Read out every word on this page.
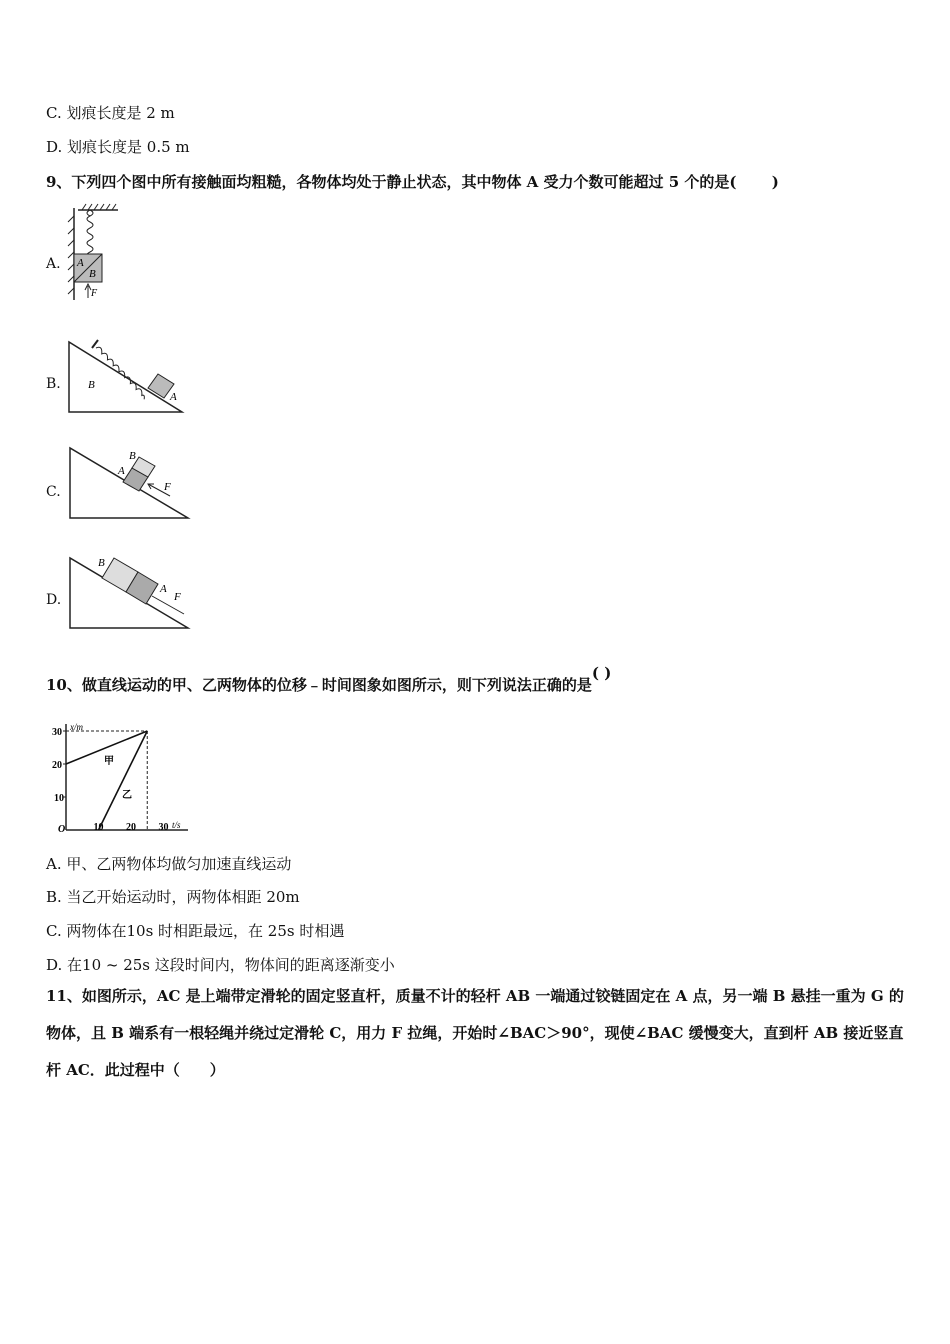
C. 划痕长度是 2 m
D. 划痕长度是 0.5 m
9、下列四个图中所有接触面均粗糙，各物体均处于静止状态，其中物体 A 受力个数可能超过 5 个的是(　　 )
A. A
B
F
B. B
A
C.
B
A
F
D.
B
A
F
10、做直线运动的甲、乙两物体的位移﹣时间图象如图所示，则下列说法正确的是( )
x/m
t/s
O
30
20
10
10 20 30
甲
乙
A. 甲、乙两物体均做匀加速直线运动
B. 当乙开始运动时，两物体相距 20m
C. 两物体在10s 时相距最远，在 25s 时相遇
D. 在10 ~ 25s 这段时间内，物体间的距离逐渐变小
11、如图所示，AC 是上端带定滑轮的固定竖直杆，质量不计的轻杆 AB 一端通过铰链固定在 A 点，另一端 B 悬挂一重为 G 的物体，且 B 端系有一根轻绳并绕过定滑轮 C，用力 F 拉绳，开始时∠BAC＞90°，现使∠BAC 缓慢变大，直到杆 AB 接近竖直杆 AC．此过程中（　　）
